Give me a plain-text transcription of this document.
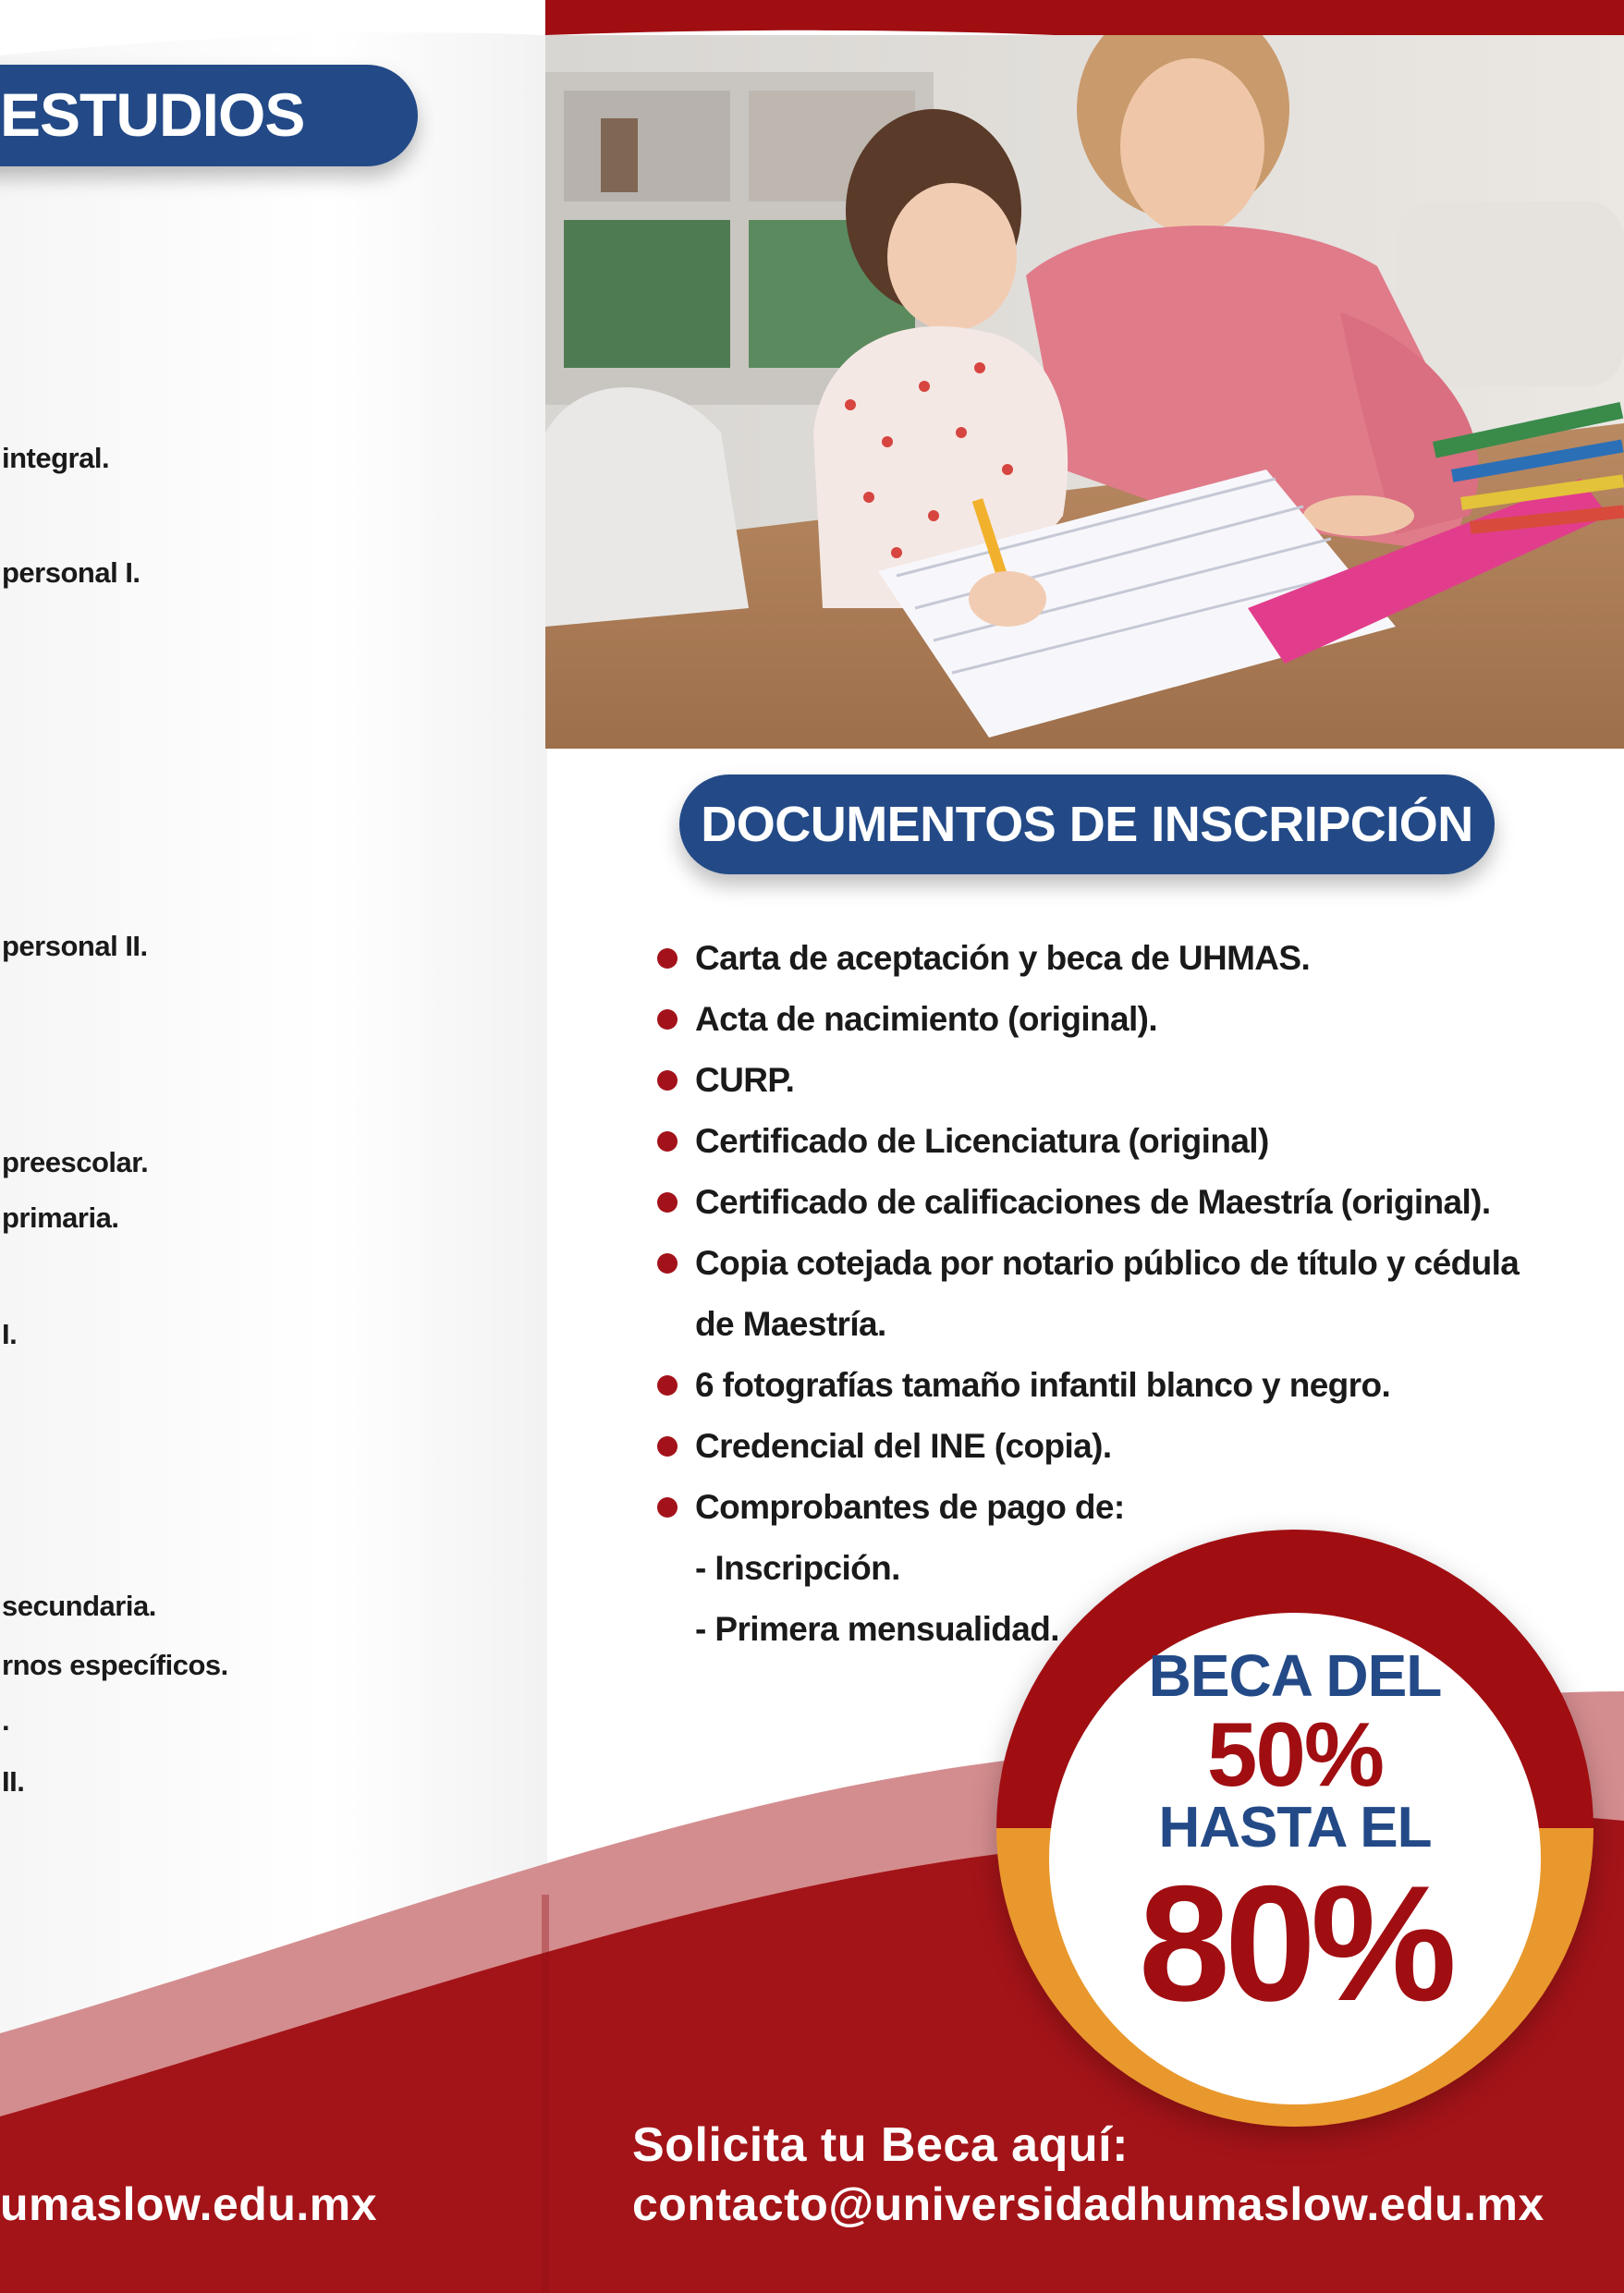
ESTUDIOS
integral.
personal I.
personal II.
preescolar.
primaria.
I.
secundaria.
rnos específicos.
.
II.
DOCUMENTOS DE INSCRIPCIÓN
Carta de aceptación y beca de UHMAS.
Acta de nacimiento (original).
CURP.
Certificado de Licenciatura (original)
Certificado de calificaciones de Maestría (original).
Copia cotejada por notario público de título y cédula
de Maestría.
6 fotografías tamaño infantil blanco y negro.
Credencial del INE (copia).
Comprobantes de pago de:
- Inscripción.
- Primera mensualidad.
BECA DEL
50%
HASTA EL
80%
umaslow.edu.mx
Solicita tu Beca aquí:
contacto@universidadhumaslow.edu.mx
